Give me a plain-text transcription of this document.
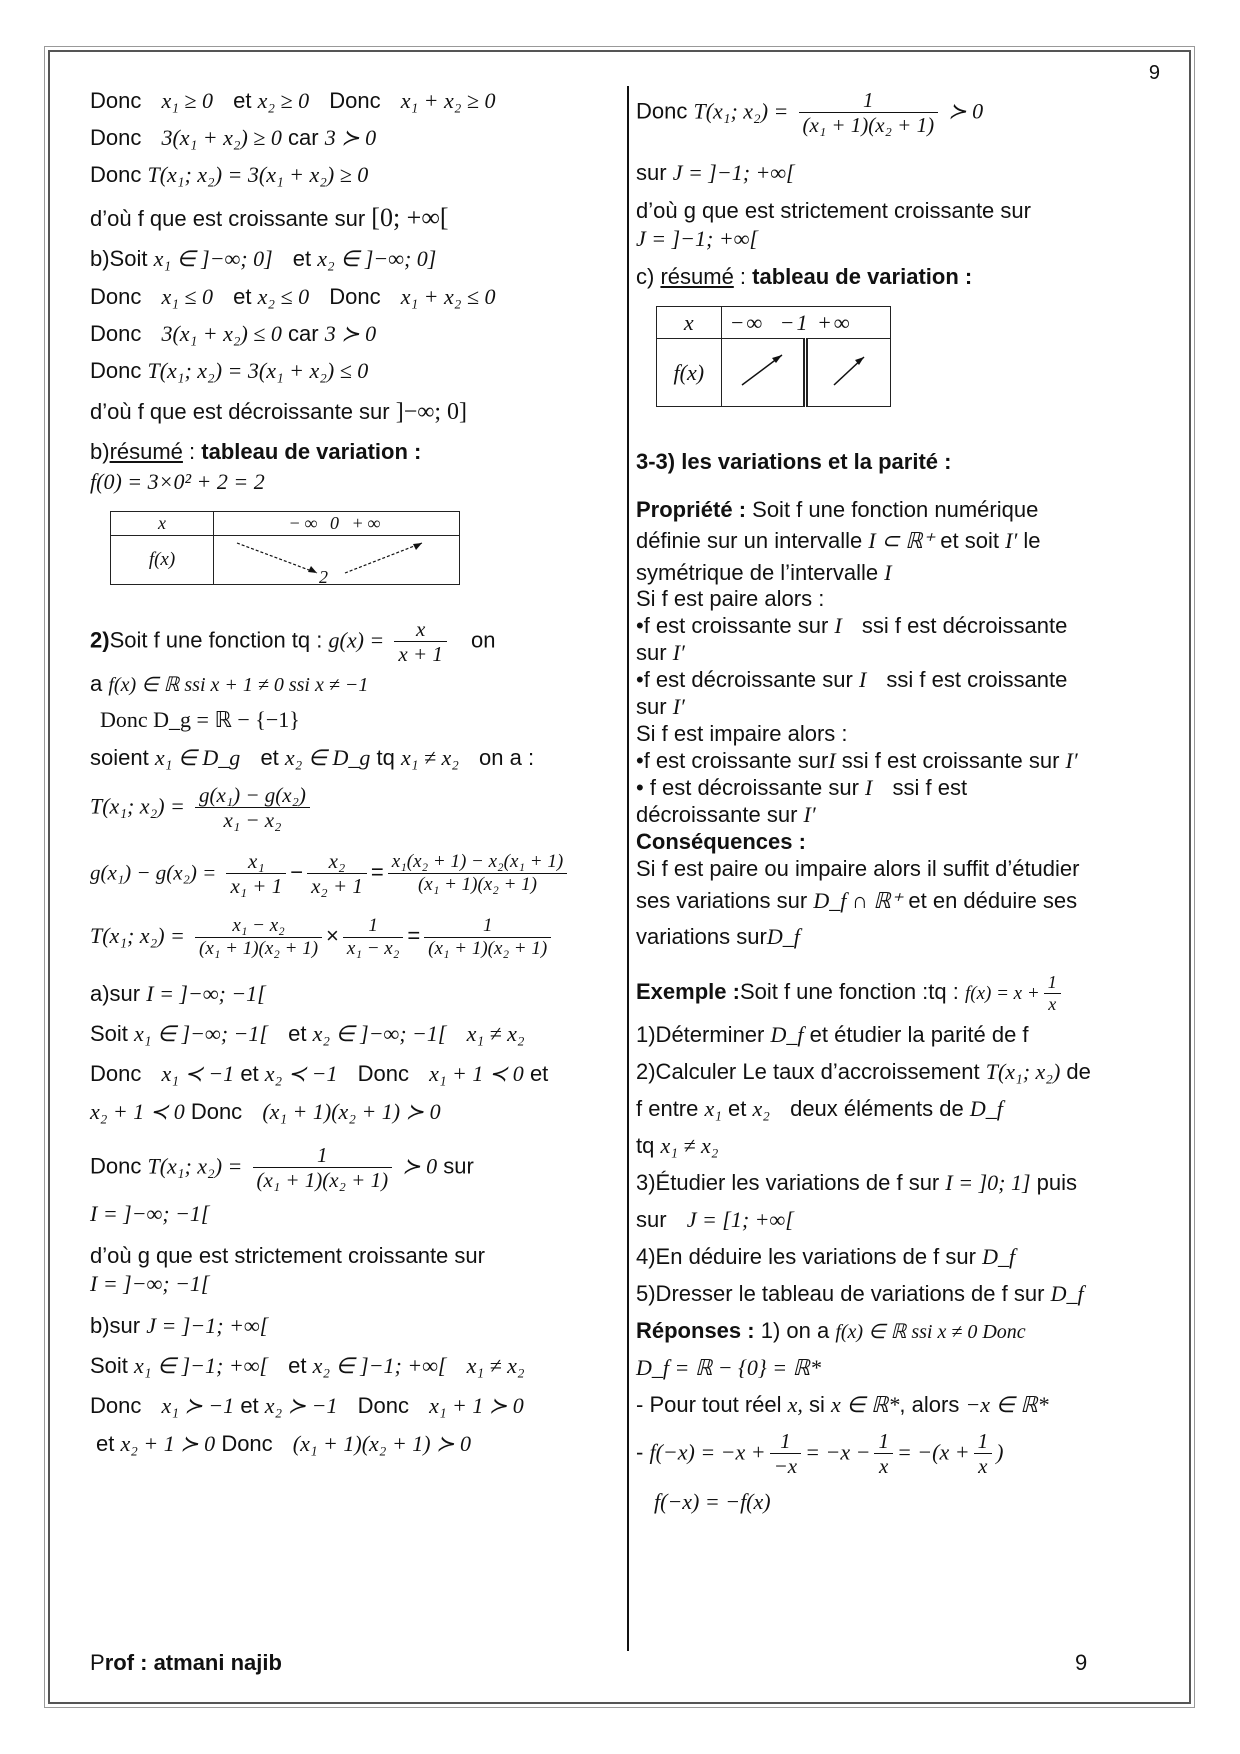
9

Donc x₁ ≥ 0 et x₂ ≥ 0 Donc x₁ + x₂ ≥ 0

Donc 3(x₁ + x₂) ≥ 0 car 3 ≻ 0

Donc T(x₁; x₂) = 3(x₁ + x₂) ≥ 0

d’où f que est croissante sur [0; +∞[

b)Soit x₁ ∈ ]−∞; 0] et x₂ ∈ ]−∞; 0]

Donc x₁ ≤ 0 et x₂ ≤ 0 Donc x₁ + x₂ ≤ 0

Donc 3(x₁ + x₂) ≤ 0 car 3 ≻ 0

Donc T(x₁; x₂) = 3(x₁ + x₂) ≤ 0

d’où f que est décroissante sur ]−∞; 0]

b)résumé : tableau de variation :

f(0) = 3×0² + 2 = 2

x	−∞ 0 +∞
f(x)	2

2)Soit f une fonction tq : $g(x) = \frac{x}{x + 1}$ on

a f(x) ∈ ℝ ssi x + 1 ≠ 0 ssi x ≠ −1

Donc D_g = ℝ − {−1}

soient x₁ ∈ D_g et x₂ ∈ D_g tq x₁ ≠ x₂ on a :

T(x₁; $x_2) = \frac{\text{g(x₁) − g(x₂)}}{\text{x₁ − x₂}}$

$g(x_1) - g(x_2) = \frac{\text{x₁}}{\text{x₁ + 1}} - \frac{\text{x₂}}{\text{x₂ + 1}} = \frac{\text{x₁(x₂ + 1) − x₂(x₁ + 1)}}{\text{(x₁ + 1)(x₂ + 1)}}$

T(x₁; $x_2) = \frac{\text{x₁ − x₂}}{\text{(x₁ + 1)(x₂ + 1)}} \times \frac{1}{\text{x₁ − x₂}} = \frac{1}{\text{(x₁ + 1)(x₂ + 1)}}$

a)sur I = ]−∞; −1[

Soit x₁ ∈ ]−∞; −1[ et x₂ ∈ ]−∞; −1[ x₁ ≠ x₂

Donc x₁ ≺ −1 et x₂ ≺ −1 Donc x₁ + 1 ≺ 0 et

x₂ + 1 ≺ 0 Donc (x₁ + 1)(x₂ + 1) ≻ 0

Donc T(x₁; $x_2) = \frac{1}{\text{(x₁ + 1)(x₂ + 1)}}$ ≻ 0 sur

I = ]−∞; −1[

d’où g que est strictement croissante sur

I = ]−∞; −1[

b)sur J = ]−1; +∞[

Soit x₁ ∈ ]−1; +∞[ et x₂ ∈ ]−1; +∞[ x₁ ≠ x₂

Donc x₁ ≻ −1 et x₂ ≻ −1 Donc x₁ + 1 ≻ 0

et x₂ + 1 ≻ 0 Donc (x₁ + 1)(x₂ + 1) ≻ 0

Donc T(x₁; $x_2) = \frac{1}{\text{(x₁ + 1)(x₂ + 1)}}$ ≻ 0

sur J = ]−1; +∞[

d’où g que est strictement croissante sur

J = ]−1; +∞[

c) résumé : tableau de variation :

x	−∞ −1 +∞	
f(x)		

3-3) les variations et la parité :

Propriété : Soit f une fonction numérique

définie sur un intervalle I ⊂ ℝ⁺ et soit I′ le

symétrique de l’intervalle I

Si f est paire alors :

•f est croissante sur I ssi f est décroissante

sur I′

•f est décroissante sur I ssi f est croissante

sur I′

Si f est impaire alors :

•f est croissante surI ssi f est croissante sur I′

• f est décroissante sur I ssi f est

décroissante sur I′

Conséquences :

Si f est paire ou impaire alors il suffit d’étudier

ses variations sur D_f ∩ ℝ⁺ et en déduire ses

variations surD_f

Exemple :Soit f une fonction :tq : $f(x) = x + \frac{1}{x}$

1)Déterminer D_f et étudier la parité de f

2)Calculer Le taux d’accroissement T(x₁; x₂) de

f entre x₁ et x₂ deux éléments de D_f

tq x₁ ≠ x₂

3)Étudier les variations de f sur I = ]0; 1] puis

sur J = [1; +∞[

4)En déduire les variations de f sur D_f

5)Dresser le tableau de variations de f sur D_f

Réponses : 1) on a f(x) ∈ ℝ ssi x ≠ 0 Donc

D_f = ℝ − {0} = ℝ*

- Pour tout réel x, si x ∈ ℝ*, alors −x ∈ ℝ*

- $f(-x) = -x + \frac{1}{-x} = -x - \frac{1}{x} = -(x + \frac{1}{x}$ )

f(−x) = −f(x)

Prof : atmani najib	9
